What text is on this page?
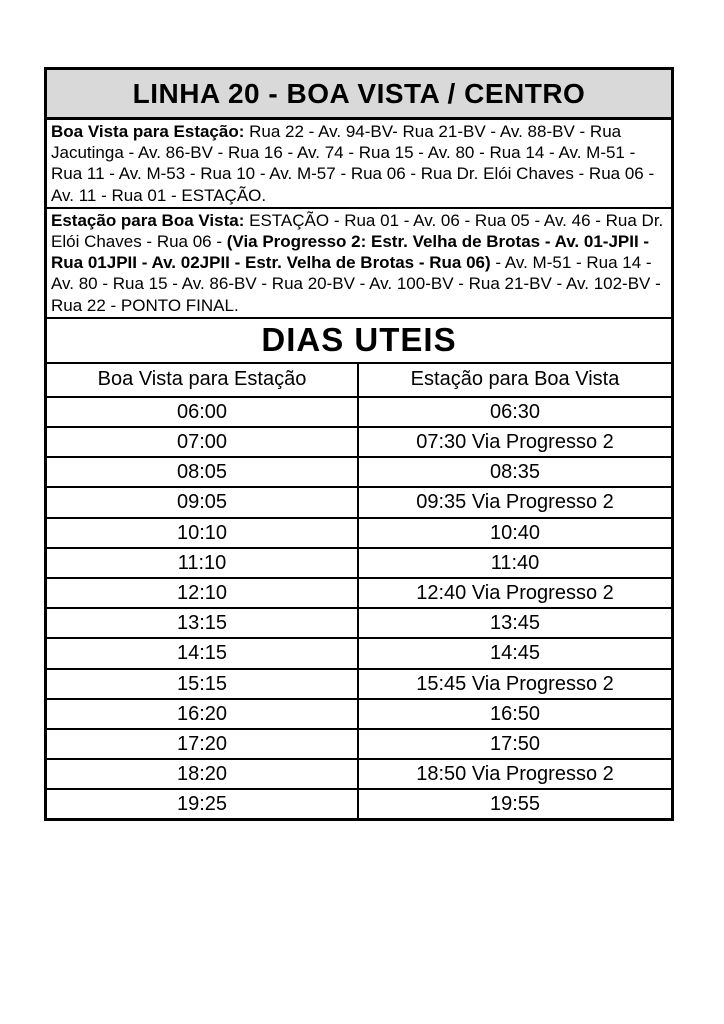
LINHA 20 - BOA VISTA / CENTRO
Boa Vista para Estação: Rua 22 - Av. 94-BV- Rua 21-BV - Av. 88-BV - Rua Jacutinga - Av. 86-BV - Rua 16 - Av. 74 - Rua 15 - Av. 80 - Rua 14 - Av. M-51 - Rua 11 - Av. M-53 - Rua 10 - Av. M-57 - Rua 06 - Rua Dr. Elói Chaves - Rua 06 - Av. 11 - Rua 01 - ESTAÇÃO.
Estação para Boa Vista: ESTAÇÃO - Rua 01 - Av. 06 - Rua 05 - Av. 46 - Rua Dr. Elói Chaves - Rua 06 - (Via Progresso 2: Estr. Velha de Brotas - Av. 01-JPII - Rua 01JPII - Av. 02JPII - Estr. Velha de Brotas - Rua 06) - Av. M-51 - Rua 14 - Av. 80 - Rua 15 - Av. 86-BV - Rua 20-BV - Av. 100-BV - Rua 21-BV - Av. 102-BV - Rua 22 - PONTO FINAL.
DIAS UTEIS
Boa Vista para Estação	Estação para Boa Vista
06:00	06:30
07:00	07:30 Via Progresso 2
08:05	08:35
09:05	09:35 Via Progresso 2
10:10	10:40
11:10	11:40
12:10	12:40 Via Progresso 2
13:15	13:45
14:15	14:45
15:15	15:45 Via Progresso 2
16:20	16:50
17:20	17:50
18:20	18:50 Via Progresso 2
19:25	19:55
